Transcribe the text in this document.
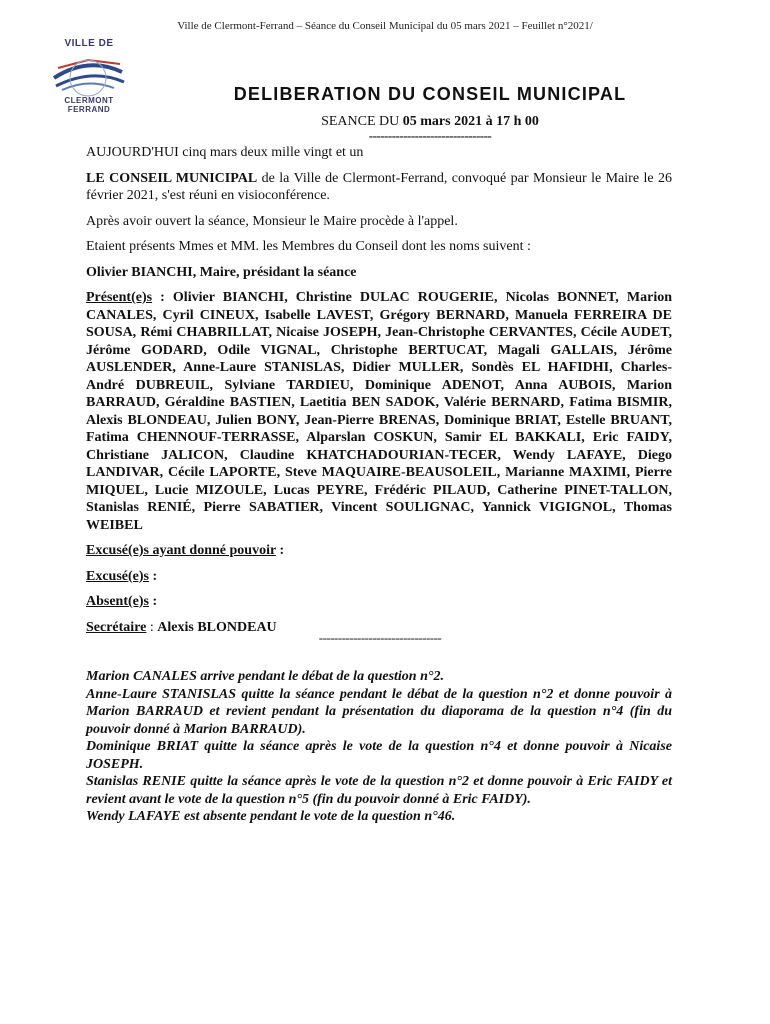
Ville de Clermont-Ferrand – Séance du Conseil Municipal du 05 mars 2021 – Feuillet n°2021/
VILLE DE
CLERMONT
FERRAND
DELIBERATION DU CONSEIL MUNICIPAL
SEANCE DU 05 mars 2021 à 17 h 00
--------------------------------

AUJOURD'HUI cinq mars deux mille vingt et un

LE CONSEIL MUNICIPAL de la Ville de Clermont-Ferrand, convoqué par Monsieur le Maire le 26 février 2021, s'est réuni en visioconférence.

Après avoir ouvert la séance, Monsieur le Maire procède à l'appel.

Etaient présents Mmes et MM. les Membres du Conseil dont les noms suivent :

Olivier BIANCHI, Maire, présidant la séance

Présent(e)s : Olivier BIANCHI, Christine DULAC ROUGERIE, Nicolas BONNET, Marion CANALES, Cyril CINEUX, Isabelle LAVEST, Grégory BERNARD, Manuela FERREIRA DE SOUSA, Rémi CHABRILLAT, Nicaise JOSEPH, Jean-Christophe CERVANTES, Cécile AUDET, Jérôme GODARD, Odile VIGNAL, Christophe BERTUCAT, Magali GALLAIS, Jérôme AUSLENDER, Anne-Laure STANISLAS, Didier MULLER, Sondès EL HAFIDHI, Charles-André DUBREUIL, Sylviane TARDIEU, Dominique ADENOT, Anna AUBOIS, Marion BARRAUD, Géraldine BASTIEN, Laetitia BEN SADOK, Valérie BERNARD, Fatima BISMIR, Alexis BLONDEAU, Julien BONY, Jean-Pierre BRENAS, Dominique BRIAT, Estelle BRUANT, Fatima CHENNOUF-TERRASSE, Alparslan COSKUN, Samir EL BAKKALI, Eric FAIDY, Christiane JALICON, Claudine KHATCHADOURIAN-TECER, Wendy LAFAYE, Diego LANDIVAR, Cécile LAPORTE, Steve MAQUAIRE-BEAUSOLEIL, Marianne MAXIMI, Pierre MIQUEL, Lucie MIZOULE, Lucas PEYRE, Frédéric PILAUD, Catherine PINET-TALLON, Stanislas RENIÉ, Pierre SABATIER, Vincent SOULIGNAC, Yannick VIGIGNOL, Thomas WEIBEL

Excusé(e)s ayant donné pouvoir :

Excusé(e)s :

Absent(e)s :

Secrétaire : Alexis BLONDEAU

--------------------------------

Marion CANALES arrive pendant le débat de la question n°2.

Anne-Laure STANISLAS quitte la séance pendant le débat de la question n°2 et donne pouvoir à Marion BARRAUD et revient pendant la présentation du diaporama de la question n°4 (fin du pouvoir donné à Marion BARRAUD).

Dominique BRIAT quitte la séance après le vote de la question n°4 et donne pouvoir à Nicaise JOSEPH.

Stanislas RENIE quitte la séance après le vote de la question n°2 et donne pouvoir à Eric FAIDY et revient avant le vote de la question n°5 (fin du pouvoir donné à Eric FAIDY).

Wendy LAFAYE est absente pendant le vote de la question n°46.
